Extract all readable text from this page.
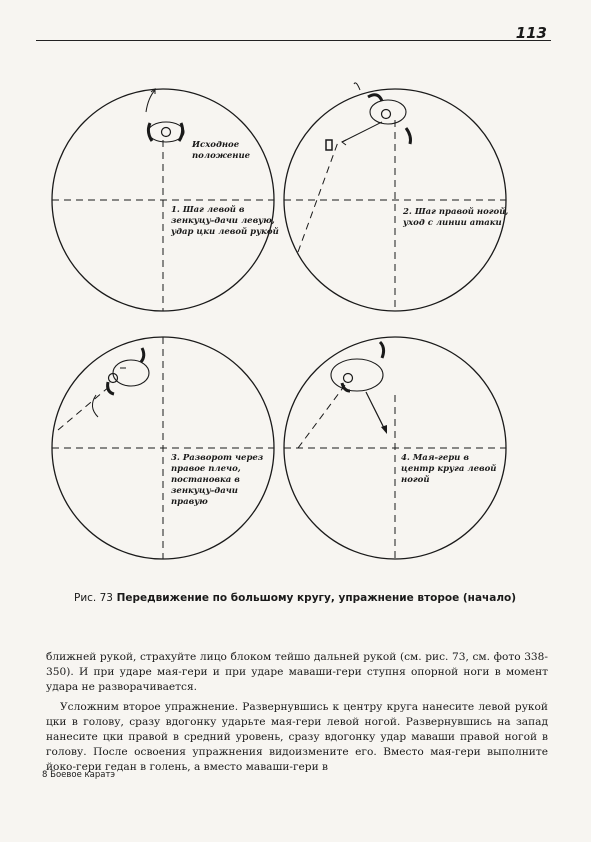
113
Исходное
положение
1. Шаг левой в
зенкуцу-дачи левую,
удар цки левой рукой
2. Шаг правой ногой,
уход с линии атаки
3. Разворот через
правое плечо,
постановка в
зенкуцу-дачи
правую
4. Мая-гери в
центр круга левой
ногой
Рис. 73 Передвижение по большому кругу, упражнение второе (начало)

ближней рукой, страхуйте лицо блоком тейшо дальней рукой (см. рис. 73, см. фото 338-350). И при ударе мая-гери и при ударе маваши-гери ступня опорной ноги в момент удара не разворачивается.

Усложним второе упражнение. Развернувшись к центру круга нанесите левой рукой цки в голову, сразу вдогонку ударьте мая-гери левой ногой. Развернувшись на запад нанесите цки правой в средний уровень, сразу вдогонку удар маваши правой ногой в голову. После освоения упражнения видоизмените его. Вместо мая-гери выполните йоко-гери гедан в голень, а вместо маваши-гери в

8 Боевое каратэ
